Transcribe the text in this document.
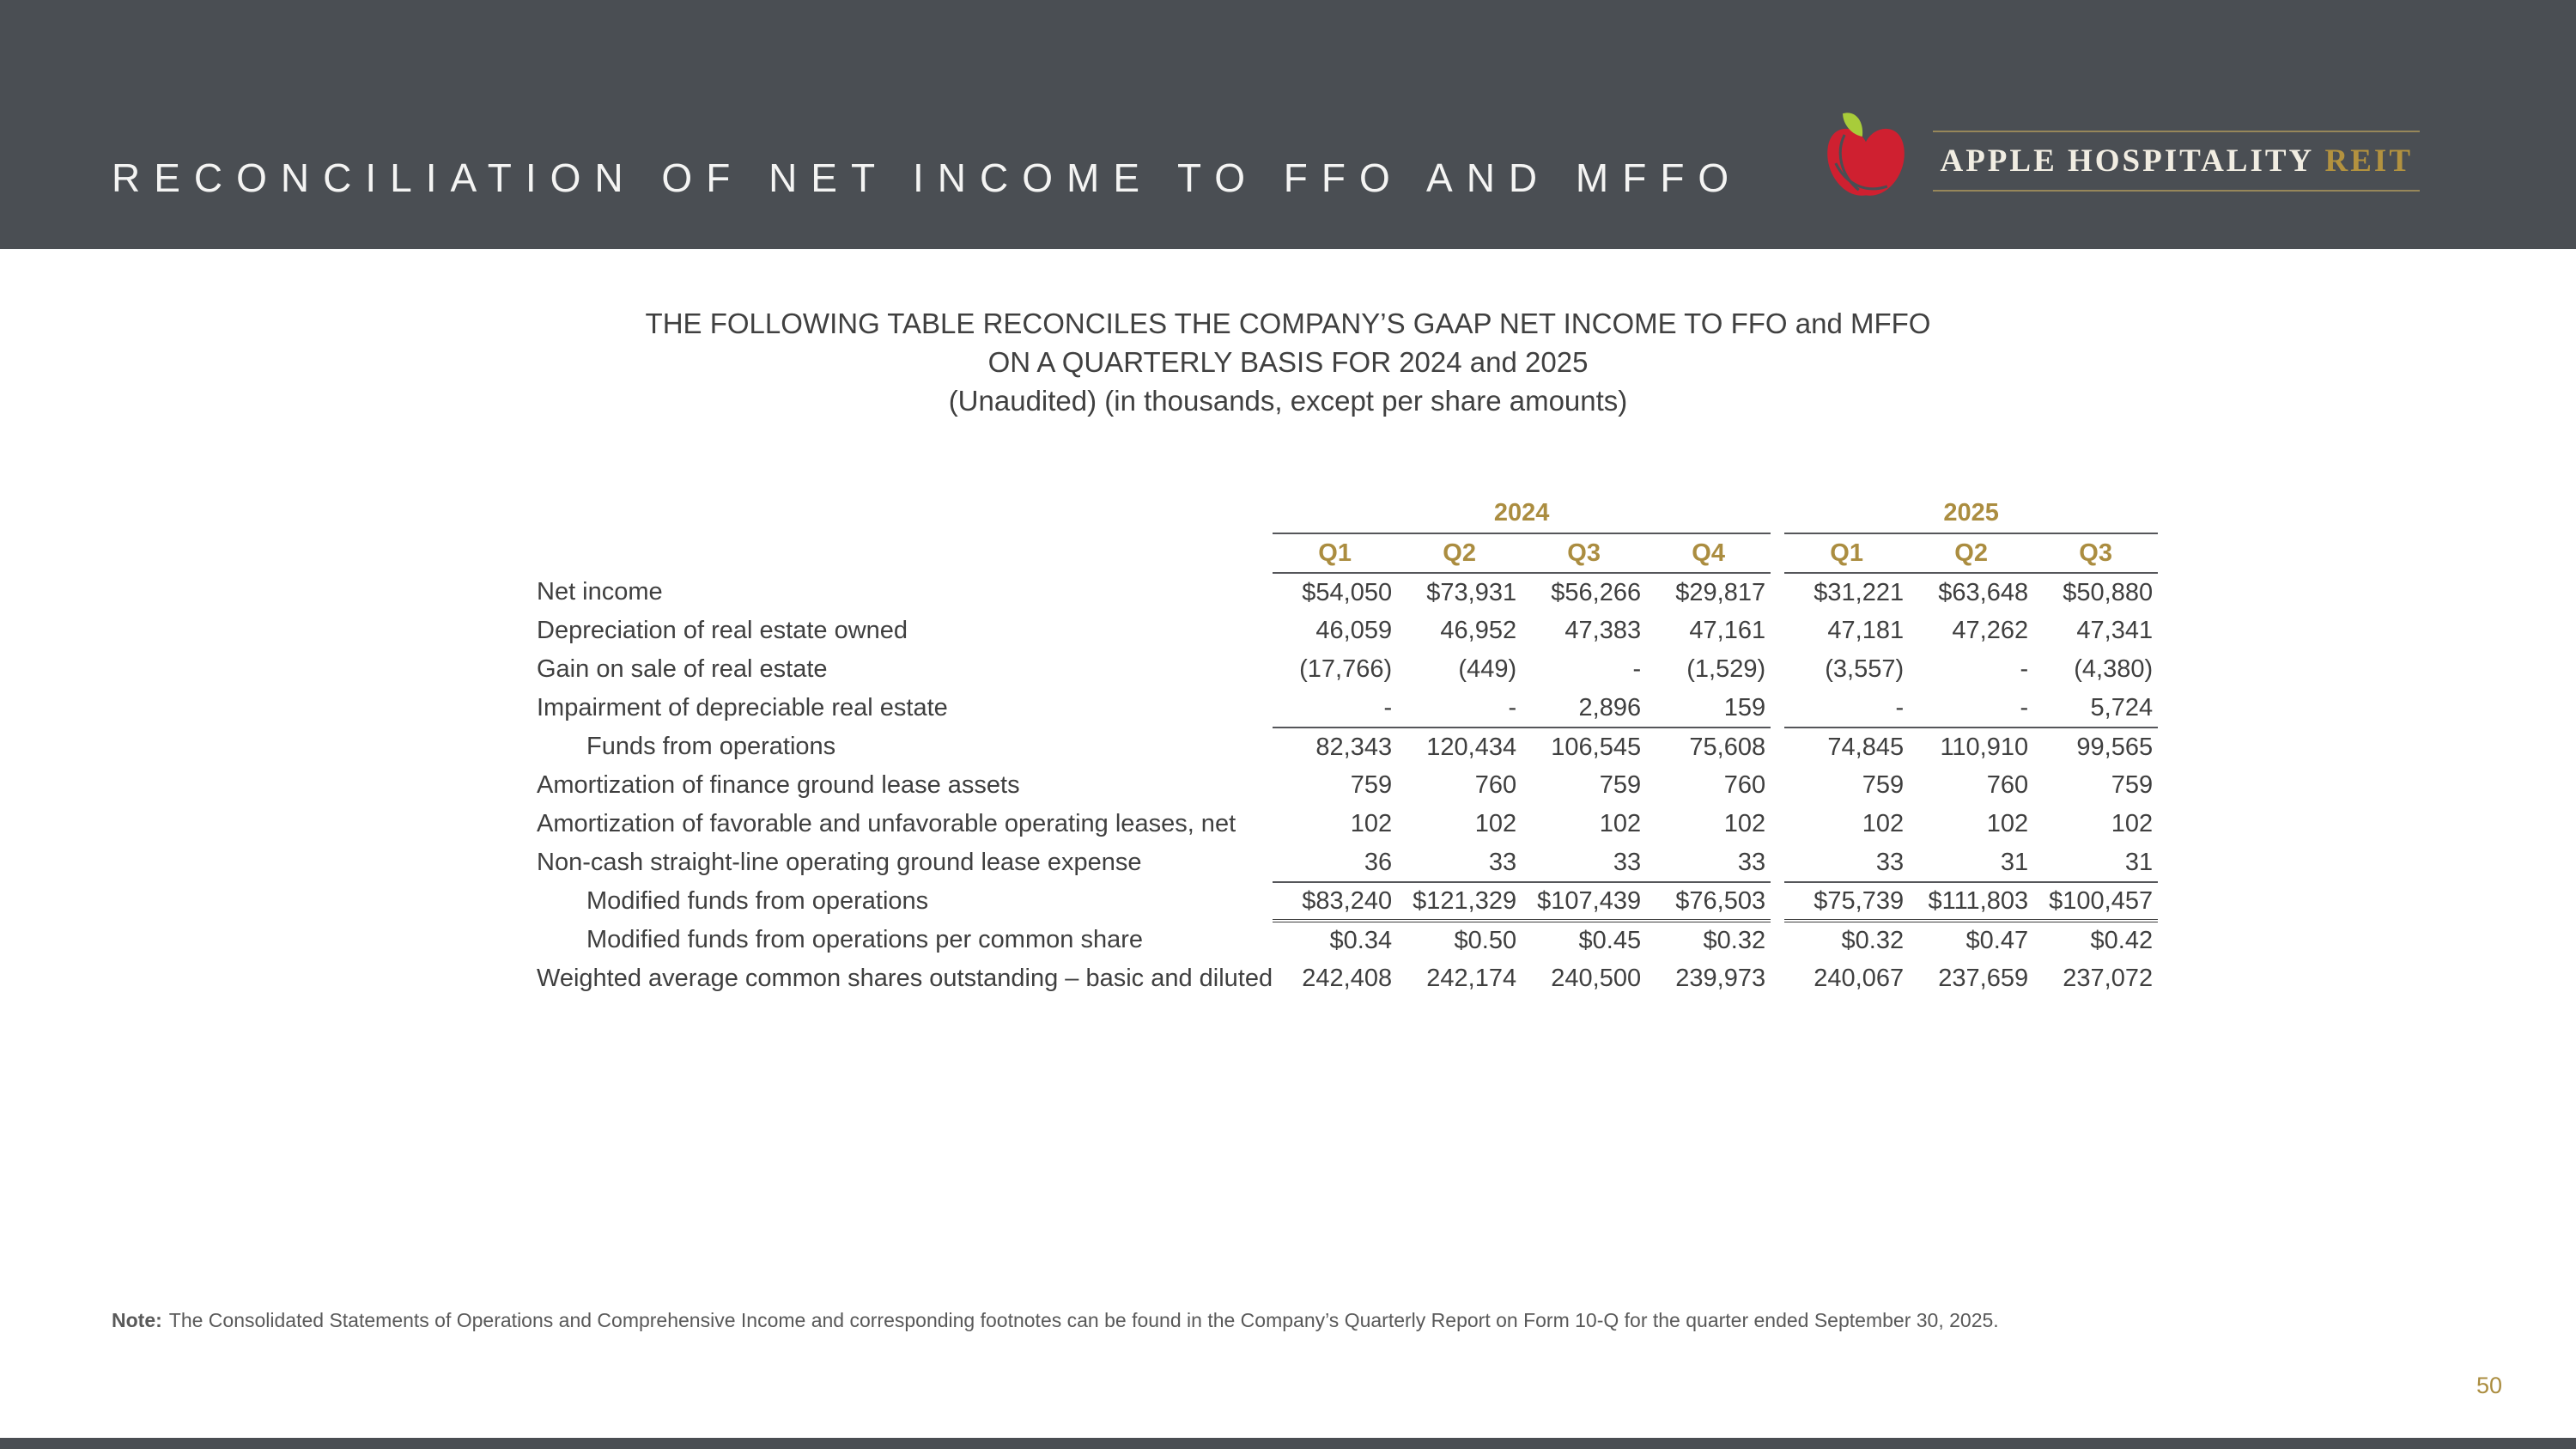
RECONCILIATION OF NET INCOME TO FFO AND MFFO	APPLE HOSPITALITY REIT
THE FOLLOWING TABLE RECONCILES THE COMPANY’S GAAP NET INCOME TO FFO and MFFO
ON A QUARTERLY BASIS FOR 2024 and 2025
(Unaudited) (in thousands, except per share amounts)
	2024					2025		
	Q1	Q2	Q3	Q4		Q1	Q2	Q3
Net income	$54,050	$73,931	$56,266	$29,817		$31,221	$63,648	$50,880
Depreciation of real estate owned	46,059	46,952	47,383	47,161		47,181	47,262	47,341
Gain on sale of real estate	(17,766)	(449)	-	(1,529)		(3,557)	-	(4,380)
Impairment of depreciable real estate	-	-	2,896	159		-	-	5,724
Funds from operations	82,343	120,434	106,545	75,608		74,845	110,910	99,565
Amortization of finance ground lease assets	759	760	759	760		759	760	759
Amortization of favorable and unfavorable operating leases, net	102	102	102	102		102	102	102
Non-cash straight-line operating ground lease expense	36	33	33	33		33	31	31
Modified funds from operations	$83,240	$121,329	$107,439	$76,503		$75,739	$111,803	$100,457
Modified funds from operations per common share	$0.34	$0.50	$0.45	$0.32		$0.32	$0.47	$0.42
Weighted average common shares outstanding – basic and diluted	242,408	242,174	240,500	239,973		240,067	237,659	237,072
Note: The Consolidated Statements of Operations and Comprehensive Income and corresponding footnotes can be found in the Company’s Quarterly Report on Form 10-Q for the quarter ended September 30, 2025.
50
